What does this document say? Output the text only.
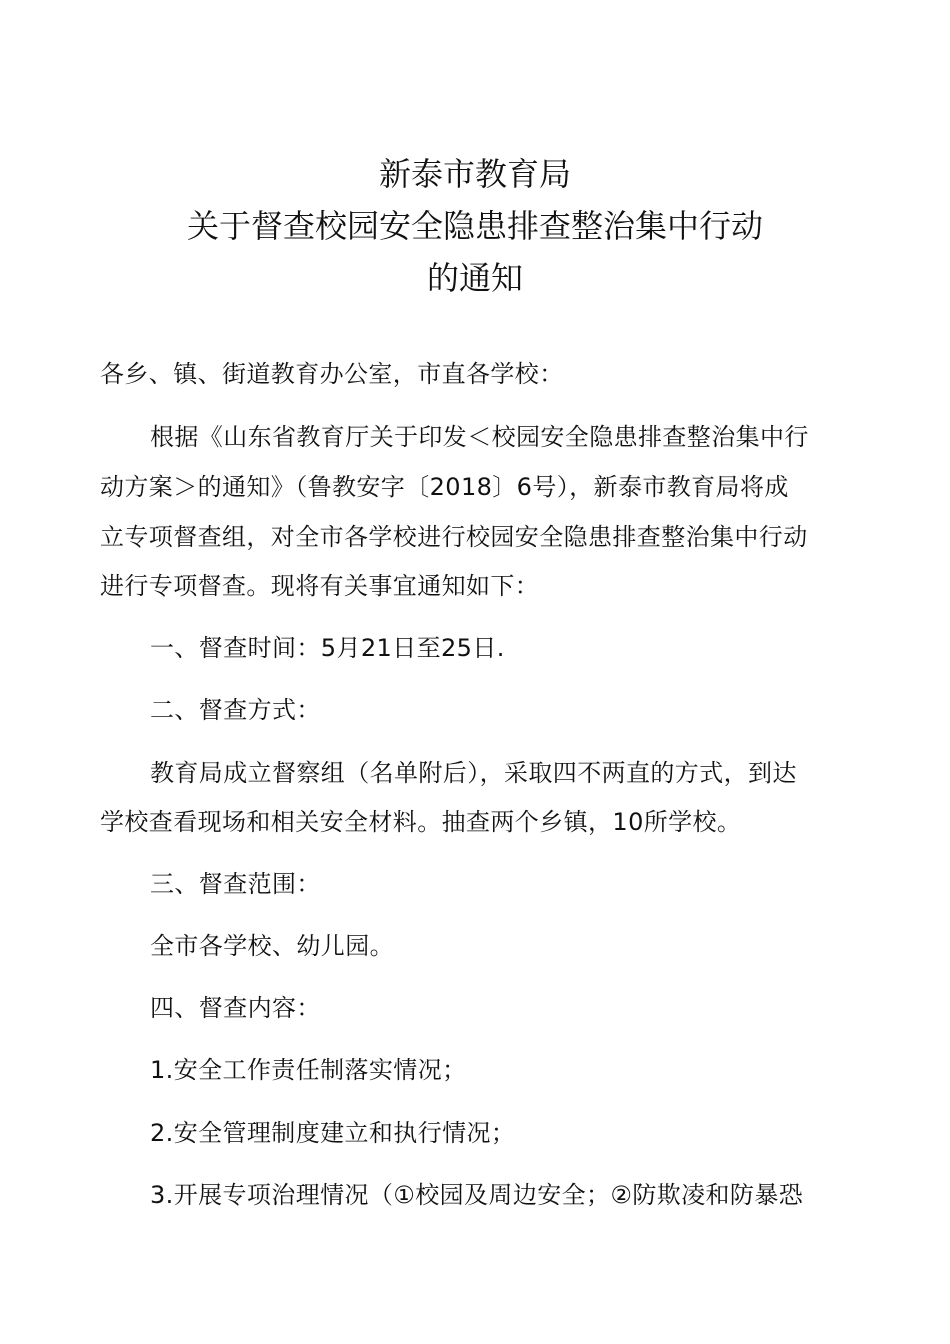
新泰市教育局
关于督查校园安全隐患排查整治集中行动
的通知
各乡、镇、街道教育办公室，市直各学校：
根据《山东省教育厅关于印发＜校园安全隐患排查整治集中行
动方案＞的通知》（鲁教安字〔2018〕6号），新泰市教育局将成
立专项督查组，对全市各学校进行校园安全隐患排查整治集中行动
进行专项督查。现将有关事宜通知如下：
一、督查时间：5月21日至25日.
二、督查方式：
教育局成立督察组（名单附后），采取四不两直的方式，到达
学校查看现场和相关安全材料。抽查两个乡镇，10所学校。
三、督查范围：
全市各学校、幼儿园。
四、督查内容：
1.安全工作责任制落实情况；
2.安全管理制度建立和执行情况；
3.开展专项治理情况（①校园及周边安全；②防欺凌和防暴恐
